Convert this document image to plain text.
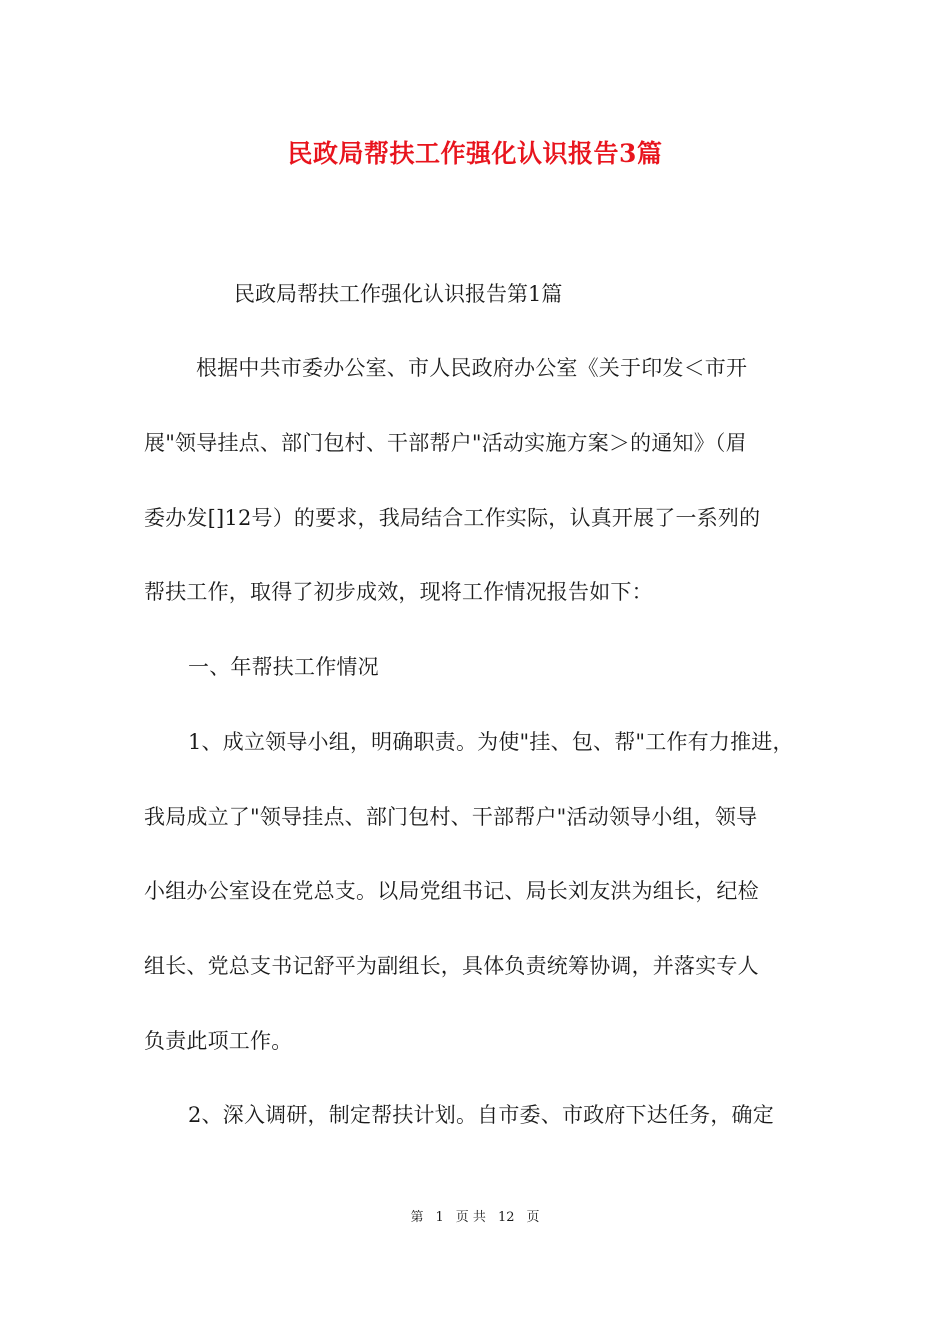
民政局帮扶工作强化认识报告3篇
民政局帮扶工作强化认识报告第1篇
根据中共市委办公室、市人民政府办公室《关于印发＜市开
展"领导挂点、部门包村、干部帮户"活动实施方案＞的通知》（眉
委办发[]12号）的要求，我局结合工作实际，认真开展了一系列的
帮扶工作，取得了初步成效，现将工作情况报告如下：
一、年帮扶工作情况
1、成立领导小组，明确职责。为使"挂、包、帮"工作有力推进，
我局成立了"领导挂点、部门包村、干部帮户"活动领导小组，领导
小组办公室设在党总支。以局党组书记、局长刘友洪为组长，纪检
组长、党总支书记舒平为副组长，具体负责统筹协调，并落实专人
负责此项工作。
2、深入调研，制定帮扶计划。自市委、市政府下达任务，确定
第 1 页 共 12 页
